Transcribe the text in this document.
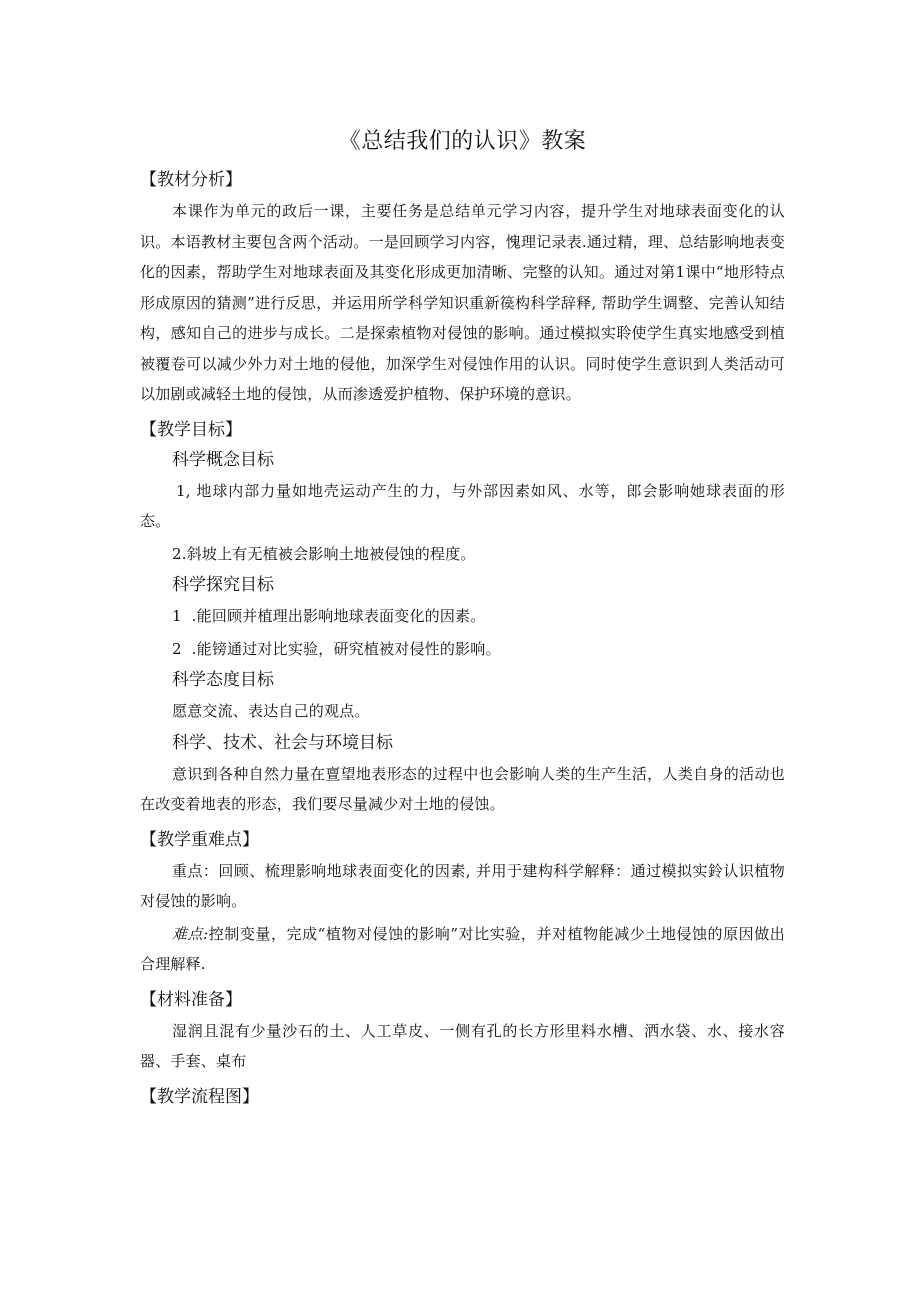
《总结我们的认识》教案
【教材分析】

本课作为单元的政后一课，主要任务是总结单元学习内容，提升学生对地球表面变化的认识。本语教材主要包含两个活动。一是回顾学习内容，愧理记录表.通过精，理、总结影响地表变化的因素，帮助学生对地球表面及其变化形成更加清晰、完整的认知。通过对第1课中“地形特点形成原因的猜测”进行反思，并运用所学科学知识重新篌构科学辞释, 帮助学生调整、完善认知结构，感知自己的进步与成长。二是探索植物对侵蚀的影响。通过模拟实聆使学生真实地感受到植被覆卷可以减少外力对土地的侵他，加深学生对侵蚀作用的认识。同时使学生意识到人类活动可以加剧或减轻土地的侵蚀，从而渗透爱护植物、保护环境的意识。

【教学目标】
科学概念目标

1, 地球内部力量如地壳运动产生的力，与外部因素如风、水等，郎会影响她球表面的形态。

2.斜坡上有无植被会影响土地被侵蚀的程度。

科学探究目标

1  .能回顾并植理出影响地球表面变化的因素。

2  .能镑通过对比实验，研究植被对侵性的影响。

科学态度目标

愿意交流、表达自己的观点。

科学、技术、社会与环境目标

意识到各种自然力量在亶望地表形态的过程中也会影响人类的生产生活，人类自身的活动也在改变着地表的形态，我们要尽量减少对土地的侵蚀。

【教学重难点】

重点：回顾、梳理影响地球表面变化的因素, 并用于建构科学解释：通过模拟实鈴认识植物对侵蚀的影响。

难点:控制变量，完成“植物对侵蚀的影响”对比实验，并对植物能减少土地侵蚀的原因做出合理解释.

【材料准备】

湿润且混有少量沙石的土、人工草皮、一侧有孔的长方形里料水槽、洒水袋、水、接水容器、手套、桌布

【教学流程图】
